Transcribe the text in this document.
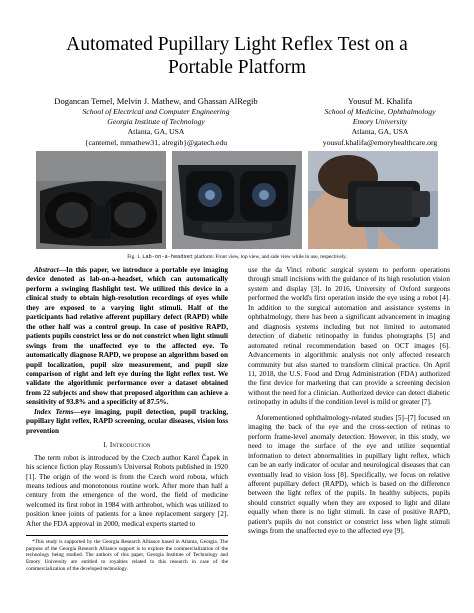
Automated Pupillary Light Reflex Test on a
Portable Platform
Dogancan Temel, Melvin J. Mathew, and Ghassan AlRegib
School of Electrical and Computer Engineering
Georgia Institute of Technology
Atlanta, GA, USA
{cantemel, mmathew31, alregib}@gatech.edu
Yousuf M. Khalifa
School of Medicine, Ophthalmology
Emory University
Atlanta, GA, USA
yousuf.khalifa@emoryhealthcare.org
Fig. 1. Lab-on-a-headset platform: Front view, top view, and side view while in use, respectively.

Abstract—In this paper, we introduce a portable eye imaging device denoted as lab-on-a-headset, which can automatically perform a swinging flashlight test. We utilized this device in a clinical study to obtain high-resolution recordings of eyes while they are exposed to a varying light stimuli. Half of the participants had relative afferent pupillary defect (RAPD) while the other half was a control group. In case of positive RAPD, patients pupils constrict less or do not constrict when light stimuli swings from the unaffected eye to the affected eye. To automatically diagnose RAPD, we propose an algorithm based on pupil localization, pupil size measurement, and pupil size comparison of right and left eye during the light reflex test. We validate the algorithmic performance over a dataset obtained from 22 subjects and show that proposed algorithm can achieve a sensitivity of 93.8% and a specificity of 87.5%.

Index Terms—eye imaging, pupil detection, pupil tracking, pupillary light reflex, RAPD screening, ocular diseases, vision loss prevention

I. Introduction

The term robot is introduced by the Czech author Karel Čapek in his science fiction play Rossum's Universal Robots published in 1920 [1]. The origin of the word is from the Czech word robota, which means tedious and monotonous routine work. After more than half a century from the emergence of the word, the field of medicine welcomed its first robot in 1984 with arthrobot, which was utilized to position knee joints of patients for a knee replacement surgery [2]. After the FDA approval in 2000, medical experts started to

*This study is supported by the Georgia Research Alliance based in Atlanta, Georgia. The purpose of the Georgia Research Alliance support is to explore the commercialization of the technology being studied. The authors of this paper, Georgia Institute of Technology and Emory University are entitled to royalties related to this research in case of the commercialization of the developed technology.

use the da Vinci robotic surgical system to perform operations through small incisions with the guidance of its high resolution vision system and display [3]. In 2016, University of Oxford surgeons performed the world's first operation inside the eye using a robot [4]. In addition to the surgical automation and assistance systems in ophthalmology, there has been a significant advancement in imaging and diagnosis systems including but not limited to automated detection of diabetic retinopathy in fundus photographs [5] and automated retinal recommendation based on OCT images [6]. Advancements in algorithmic analysis not only affected research community but also started to transform clinical practice. On April 11, 2018, the U.S. Food and Drug Administration (FDA) authorized the first device for marketing that can provide a screening decision without the need for a clinician. Authorized device can detect diabetic retinopathy in adults if the condition level is mild or greater [7].

Aforementioned ophthalmology-related studies [5]–[7] focused on imaging the back of the eye and the cross-section of retinas to perform frame-level anomaly detection. However, in this study, we need to image the surface of the eye and utilize sequential information to detect abnormalities in pupillary light reflex, which can be an early indicator of ocular and neurological diseases that can eventually lead to vision loss [8]. Specifically, we focus on relative afferent pupillary defect (RAPD), which is based on the difference between the light reflex of the pupils. In healthy subjects, pupils should constrict equally when they are exposed to light and dilate equally when there is no light stimuli. In case of positive RAPD, patient's pupils do not constrict or constrict less when light stimuli swings from the unaffected eye to the affected eye [9].
